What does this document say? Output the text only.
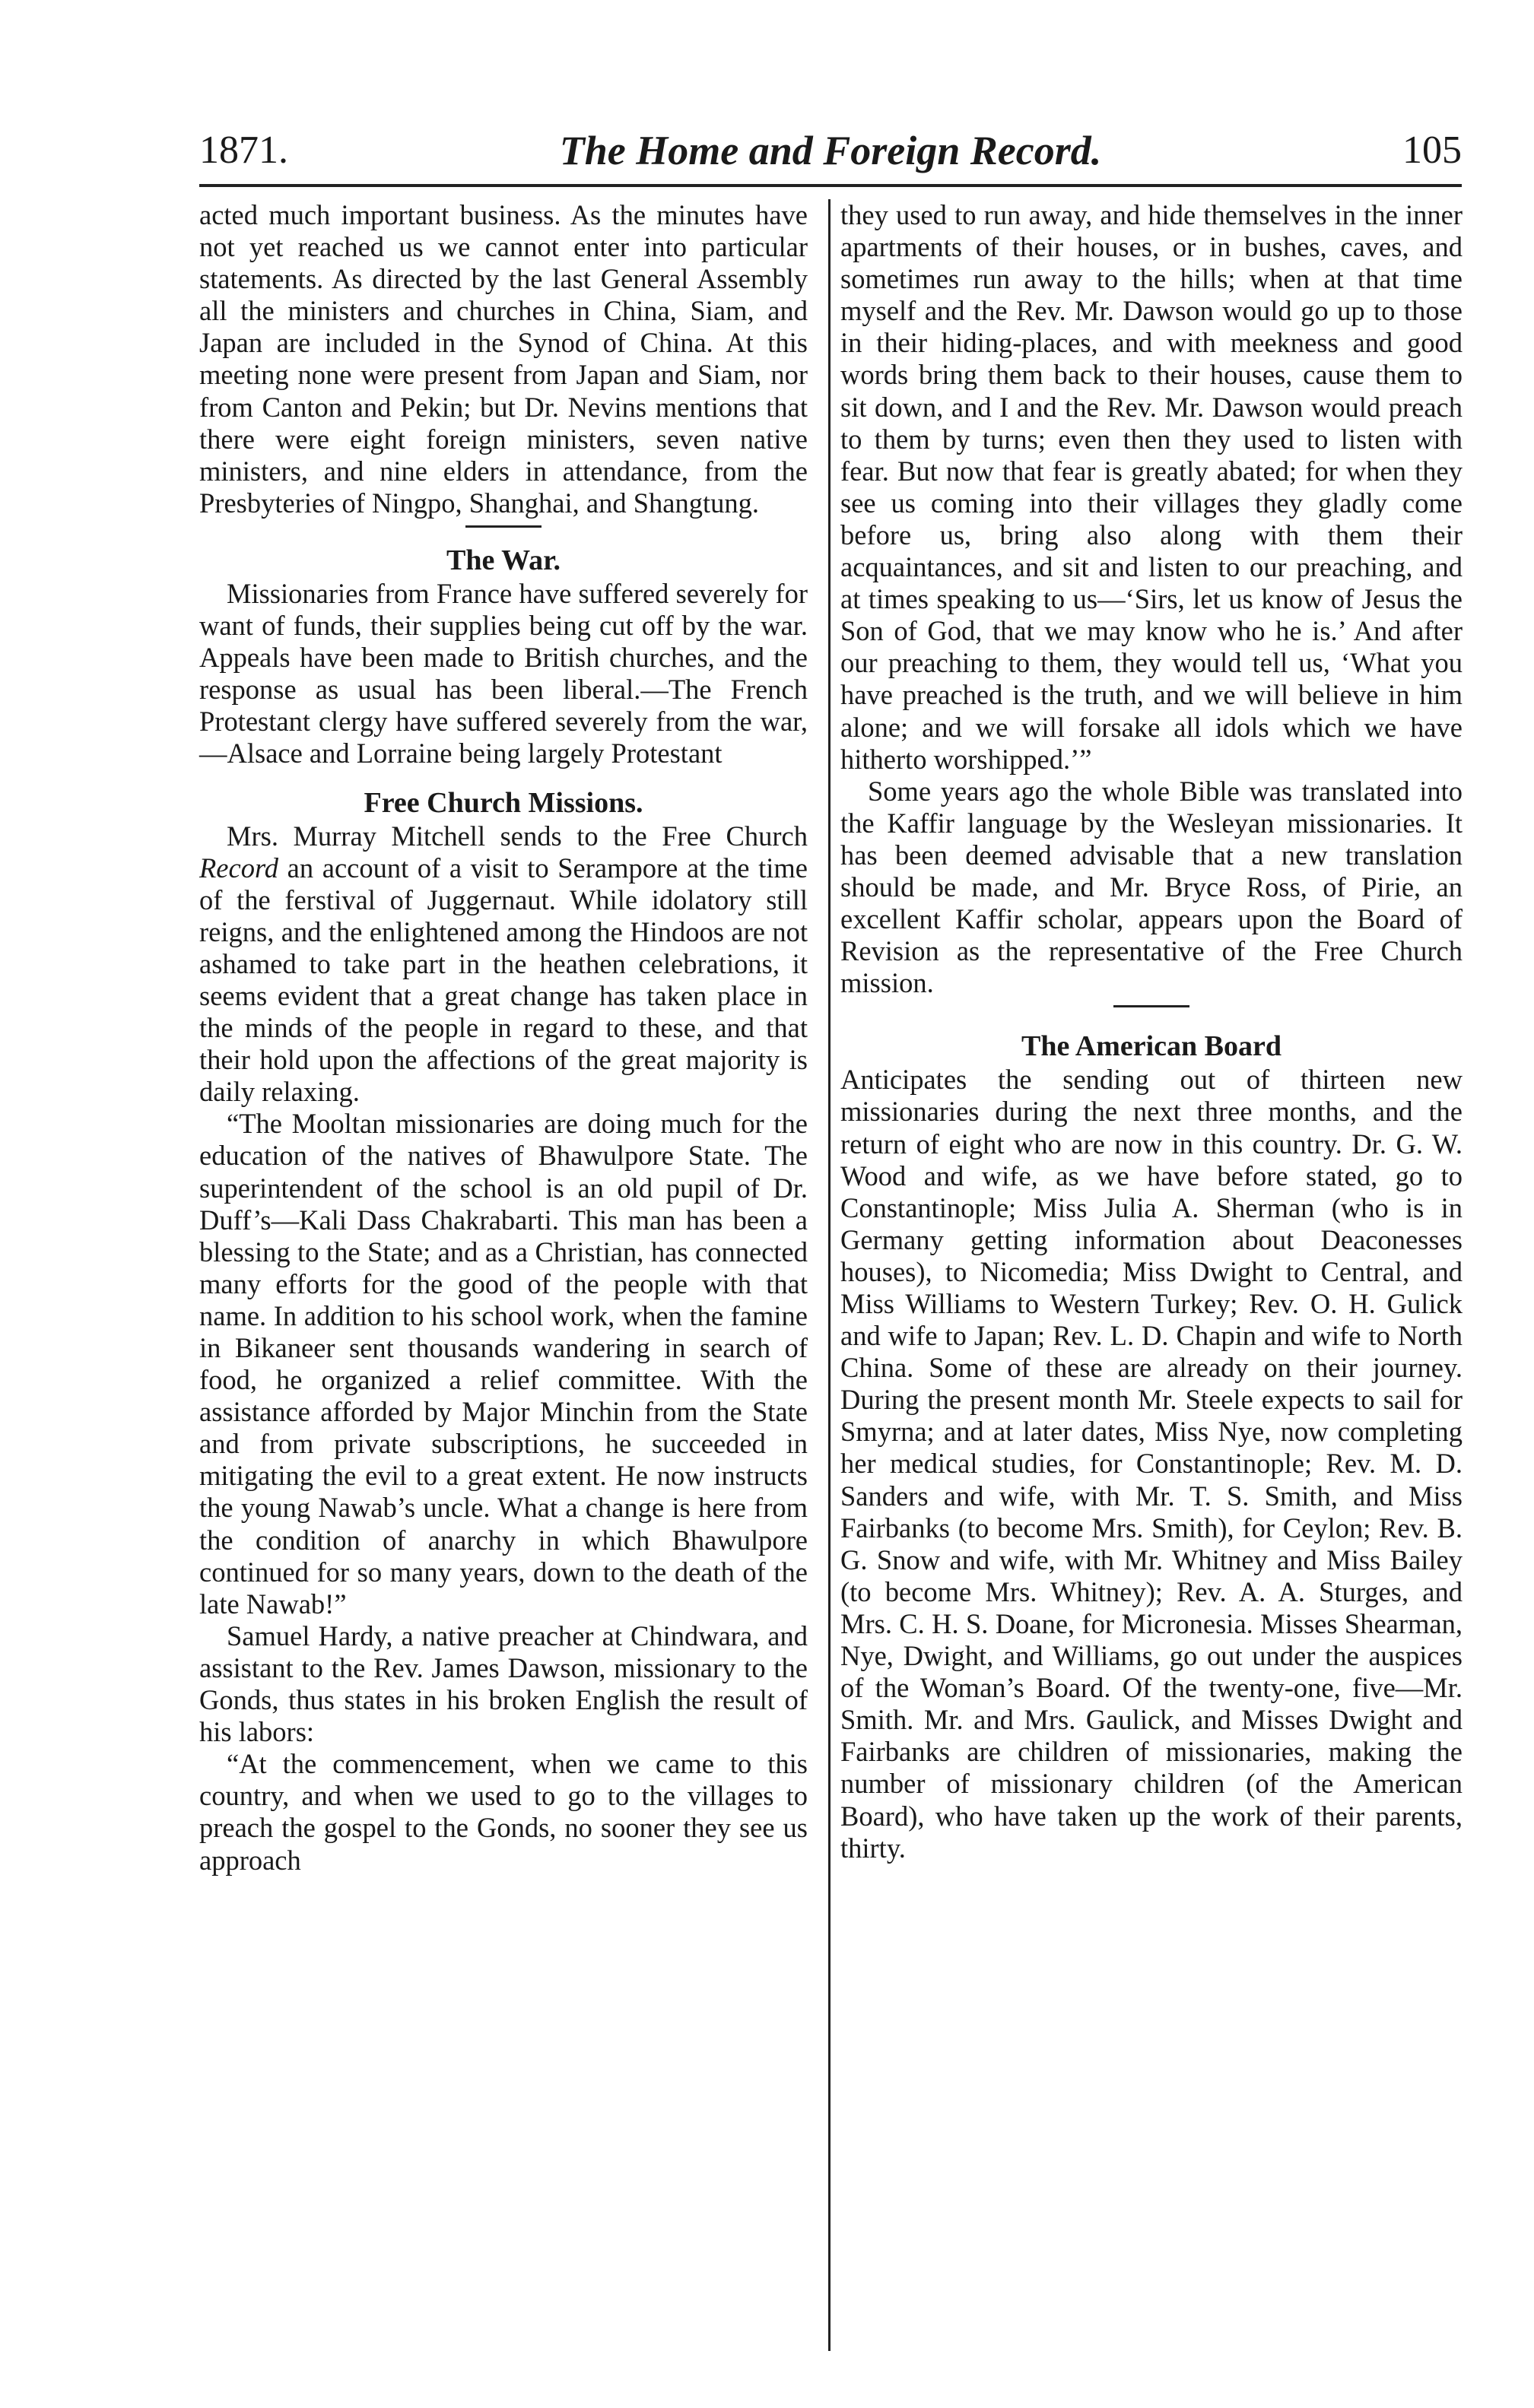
1871.	The Home and Foreign Record.	105

acted much important business. As the minutes have not yet reached us we cannot enter into particular statements. As directed by the last General Assembly all the ministers and churches in China, Siam, and Japan are included in the Synod of China. At this meeting none were present from Japan and Siam, nor from Canton and Pekin; but Dr. Nevins mentions that there were eight foreign ministers, seven native ministers, and nine elders in attendance, from the Presbyteries of Ningpo, Shanghai, and Shangtung.

The War.

Missionaries from France have suffered severely for want of funds, their supplies being cut off by the war. Appeals have been made to British churches, and the response as usual has been liberal.—The French Protestant clergy have suffered severely from the war,—Alsace and Lorraine being largely Protestant

Free Church Missions.

Mrs. Murray Mitchell sends to the Free Church Record an account of a visit to Serampore at the time of the ferstival of Juggernaut. While idolatory still reigns, and the enlightened among the Hindoos are not ashamed to take part in the heathen celebrations, it seems evident that a great change has taken place in the minds of the people in regard to these, and that their hold upon the affections of the great majority is daily relaxing.

“The Mooltan missionaries are doing much for the education of the natives of Bhawulpore State. The superintendent of the school is an old pupil of Dr. Duff’s—Kali Dass Chakrabarti. This man has been a blessing to the State; and as a Christian, has connected many efforts for the good of the people with that name. In addition to his school work, when the famine in Bikaneer sent thousands wandering in search of food, he organized a relief committee. With the assistance afforded by Major Minchin from the State and from private subscriptions, he succeeded in mitigating the evil to a great extent. He now instructs the young Nawab’s uncle. What a change is here from the condition of anarchy in which Bhawulpore continued for so many years, down to the death of the late Nawab!”

Samuel Hardy, a native preacher at Chindwara, and assistant to the Rev. James Dawson, missionary to the Gonds, thus states in his broken English the result of his labors:

“At the commencement, when we came to this country, and when we used to go to the villages to preach the gospel to the Gonds, no sooner they see us approach

they used to run away, and hide themselves in the inner apartments of their houses, or in bushes, caves, and sometimes run away to the hills; when at that time myself and the Rev. Mr. Dawson would go up to those in their hiding-places, and with meekness and good words bring them back to their houses, cause them to sit down, and I and the Rev. Mr. Dawson would preach to them by turns; even then they used to listen with fear. But now that fear is greatly abated; for when they see us coming into their villages they gladly come before us, bring also along with them their acquaintances, and sit and listen to our preaching, and at times speaking to us—‘Sirs, let us know of Jesus the Son of God, that we may know who he is.’ And after our preaching to them, they would tell us, ‘What you have preached is the truth, and we will believe in him alone; and we will forsake all idols which we have hitherto worshipped.’”

Some years ago the whole Bible was translated into the Kaffir language by the Wesleyan missionaries. It has been deemed advisable that a new translation should be made, and Mr. Bryce Ross, of Pirie, an excellent Kaffir scholar, appears upon the Board of Revision as the representative of the Free Church mission.

The American Board

Anticipates the sending out of thirteen new missionaries during the next three months, and the return of eight who are now in this country. Dr. G. W. Wood and wife, as we have before stated, go to Constantinople; Miss Julia A. Sherman (who is in Germany getting information about Deaconesses houses), to Nicomedia; Miss Dwight to Central, and Miss Williams to Western Turkey; Rev. O. H. Gulick and wife to Japan; Rev. L. D. Chapin and wife to North China. Some of these are already on their journey. During the present month Mr. Steele expects to sail for Smyrna; and at later dates, Miss Nye, now completing her medical studies, for Constantinople; Rev. M. D. Sanders and wife, with Mr. T. S. Smith, and Miss Fairbanks (to become Mrs. Smith), for Ceylon; Rev. B. G. Snow and wife, with Mr. Whitney and Miss Bailey (to become Mrs. Whitney); Rev. A. A. Sturges, and Mrs. C. H. S. Doane, for Micronesia. Misses Shearman, Nye, Dwight, and Williams, go out under the auspices of the Woman’s Board. Of the twenty-one, five—Mr. Smith. Mr. and Mrs. Gaulick, and Misses Dwight and Fairbanks are children of missionaries, making the number of missionary children (of the American Board), who have taken up the work of their parents, thirty.
